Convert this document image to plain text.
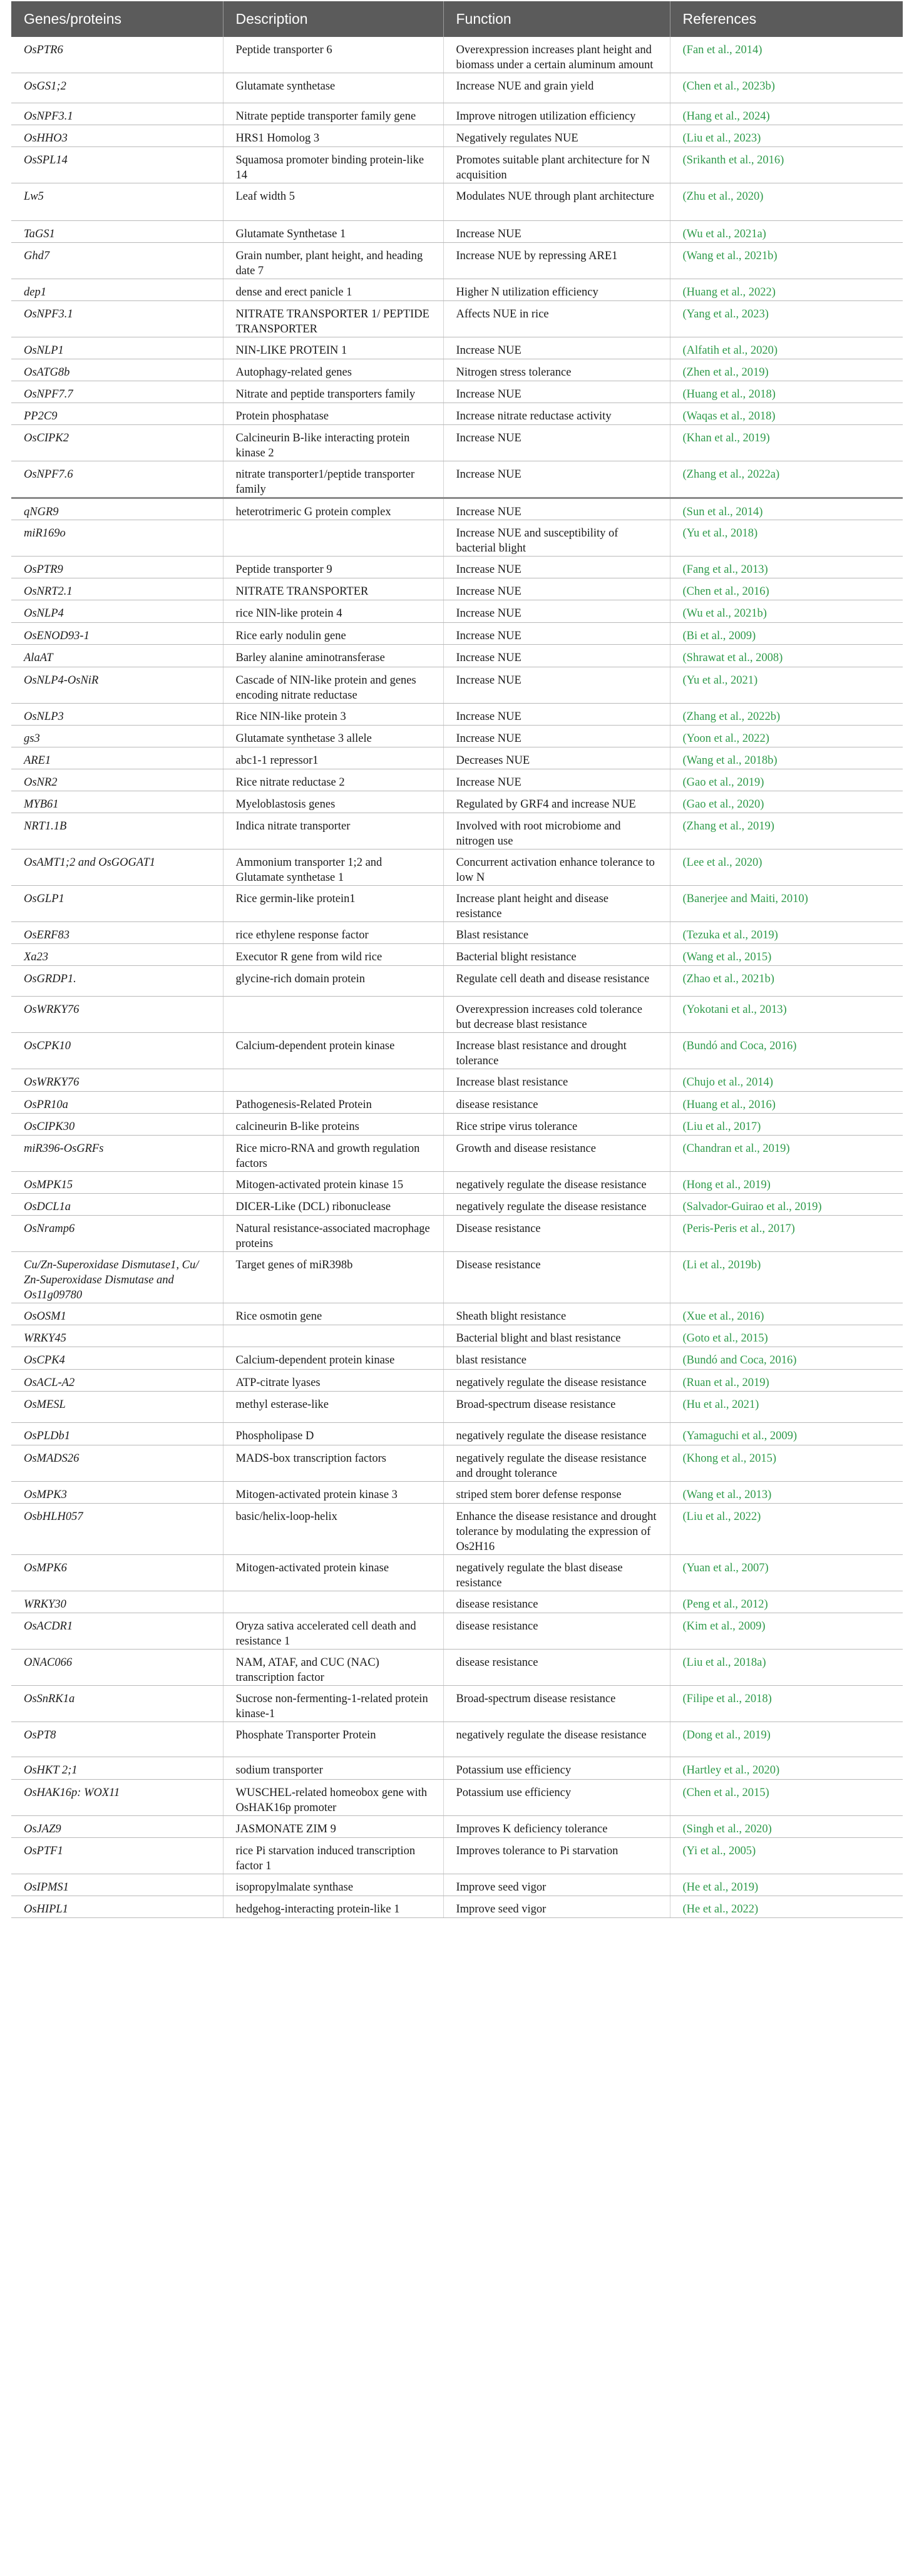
Genes/proteins	Description	Function	References
OsPTR6	Peptide transporter 6	Overexpression increases plant height and biomass under a certain aluminum amount	(Fan et al., 2014)
OsGS1;2	Glutamate synthetase	Increase NUE and grain yield	(Chen et al., 2023b)
OsNPF3.1	Nitrate peptide transporter family gene	Improve nitrogen utilization efficiency	(Hang et al., 2024)
OsHHO3	HRS1 Homolog 3	Negatively regulates NUE	(Liu et al., 2023)
OsSPL14	Squamosa promoter binding protein-like 14	Promotes suitable plant architecture for N acquisition	(Srikanth et al., 2016)
Lw5	Leaf width 5	Modulates NUE through plant architecture	(Zhu et al., 2020)
TaGS1	Glutamate Synthetase 1	Increase NUE	(Wu et al., 2021a)
Ghd7	Grain number, plant height, and heading date 7	Increase NUE by repressing ARE1	(Wang et al., 2021b)
dep1	dense and erect panicle 1	Higher N utilization efficiency	(Huang et al., 2022)
OsNPF3.1	NITRATE TRANSPORTER 1/ PEPTIDE TRANSPORTER	Affects NUE in rice	(Yang et al., 2023)
OsNLP1	NIN-LIKE PROTEIN 1	Increase NUE	(Alfatih et al., 2020)
OsATG8b	Autophagy-related genes	Nitrogen stress tolerance	(Zhen et al., 2019)
OsNPF7.7	Nitrate and peptide transporters family	Increase NUE	(Huang et al., 2018)
PP2C9	Protein phosphatase	Increase nitrate reductase activity	(Waqas et al., 2018)
OsCIPK2	Calcineurin B-like interacting protein kinase 2	Increase NUE	(Khan et al., 2019)
OsNPF7.6	nitrate transporter1/peptide transporter family	Increase NUE	(Zhang et al., 2022a)
qNGR9	heterotrimeric G protein complex	Increase NUE	(Sun et al., 2014)
miR169o		Increase NUE and susceptibility of bacterial blight	(Yu et al., 2018)
OsPTR9	Peptide transporter 9	Increase NUE	(Fang et al., 2013)
OsNRT2.1	NITRATE TRANSPORTER	Increase NUE	(Chen et al., 2016)
OsNLP4	rice NIN-like protein 4	Increase NUE	(Wu et al., 2021b)
OsENOD93-1	Rice early nodulin gene	Increase NUE	(Bi et al., 2009)
AlaAT	Barley alanine aminotransferase	Increase NUE	(Shrawat et al., 2008)
OsNLP4-OsNiR	Cascade of NIN-like protein and genes encoding nitrate reductase	Increase NUE	(Yu et al., 2021)
OsNLP3	Rice NIN-like protein 3	Increase NUE	(Zhang et al., 2022b)
gs3	Glutamate synthetase 3 allele	Increase NUE	(Yoon et al., 2022)
ARE1	abc1-1 repressor1	Decreases NUE	(Wang et al., 2018b)
OsNR2	Rice nitrate reductase 2	Increase NUE	(Gao et al., 2019)
MYB61	Myeloblastosis genes	Regulated by GRF4 and increase NUE	(Gao et al., 2020)
NRT1.1B	Indica nitrate transporter	Involved with root microbiome and nitrogen use	(Zhang et al., 2019)
OsAMT1;2 and OsGOGAT1	Ammonium transporter 1;2 and Glutamate synthetase 1	Concurrent activation enhance tolerance to low N	(Lee et al., 2020)
OsGLP1	Rice germin-like protein1	Increase plant height and disease resistance	(Banerjee and Maiti, 2010)
OsERF83	rice ethylene response factor	Blast resistance	(Tezuka et al., 2019)
Xa23	Executor R gene from wild rice	Bacterial blight resistance	(Wang et al., 2015)
OsGRDP1.	glycine-rich domain protein	Regulate cell death and disease resistance	(Zhao et al., 2021b)
OsWRKY76		Overexpression increases cold tolerance but decrease blast resistance	(Yokotani et al., 2013)
OsCPK10	Calcium-dependent protein kinase	Increase blast resistance and drought tolerance	(Bundó and Coca, 2016)
OsWRKY76		Increase blast resistance	(Chujo et al., 2014)
OsPR10a	Pathogenesis-Related Protein	disease resistance	(Huang et al., 2016)
OsCIPK30	calcineurin B-like proteins	Rice stripe virus tolerance	(Liu et al., 2017)
miR396-OsGRFs	Rice micro-RNA and growth regulation factors	Growth and disease resistance	(Chandran et al., 2019)
OsMPK15	Mitogen-activated protein kinase 15	negatively regulate the disease resistance	(Hong et al., 2019)
OsDCL1a	DICER-Like (DCL) ribonuclease	negatively regulate the disease resistance	(Salvador-Guirao et al., 2019)
OsNramp6	Natural resistance-associated macrophage proteins	Disease resistance	(Peris-Peris et al., 2017)
Cu/Zn-Superoxidase Dismutase1, Cu/ Zn-Superoxidase Dismutase and Os11g09780	Target genes of miR398b	Disease resistance	(Li et al., 2019b)
OsOSM1	Rice osmotin gene	Sheath blight resistance	(Xue et al., 2016)
WRKY45		Bacterial blight and blast resistance	(Goto et al., 2015)
OsCPK4	Calcium-dependent protein kinase	blast resistance	(Bundó and Coca, 2016)
OsACL-A2	ATP-citrate lyases	negatively regulate the disease resistance	(Ruan et al., 2019)
OsMESL	methyl esterase-like	Broad-spectrum disease resistance	(Hu et al., 2021)
OsPLDb1	Phospholipase D	negatively regulate the disease resistance	(Yamaguchi et al., 2009)
OsMADS26	MADS-box transcription factors	negatively regulate the disease resistance and drought tolerance	(Khong et al., 2015)
OsMPK3	Mitogen-activated protein kinase 3	striped stem borer defense response	(Wang et al., 2013)
OsbHLH057	basic/helix-loop-helix	Enhance the disease resistance and drought tolerance by modulating the expression of Os2H16	(Liu et al., 2022)
OsMPK6	Mitogen-activated protein kinase	negatively regulate the blast disease resistance	(Yuan et al., 2007)
WRKY30		disease resistance	(Peng et al., 2012)
OsACDR1	Oryza sativa accelerated cell death and resistance 1	disease resistance	(Kim et al., 2009)
ONAC066	NAM, ATAF, and CUC (NAC) transcription factor	disease resistance	(Liu et al., 2018a)
OsSnRK1a	Sucrose non-fermenting-1-related protein kinase-1	Broad-spectrum disease resistance	(Filipe et al., 2018)
OsPT8	Phosphate Transporter Protein	negatively regulate the disease resistance	(Dong et al., 2019)
OsHKT 2;1	sodium transporter	Potassium use efficiency	(Hartley et al., 2020)
OsHAK16p: WOX11	WUSCHEL-related homeobox gene with OsHAK16p promoter	Potassium use efficiency	(Chen et al., 2015)
OsJAZ9	JASMONATE ZIM 9	Improves K deficiency tolerance	(Singh et al., 2020)
OsPTF1	rice Pi starvation induced transcription factor 1	Improves tolerance to Pi starvation	(Yi et al., 2005)
OsIPMS1	isopropylmalate synthase	Improve seed vigor	(He et al., 2019)
OsHIPL1	hedgehog-interacting protein-like 1	Improve seed vigor	(He et al., 2022)
